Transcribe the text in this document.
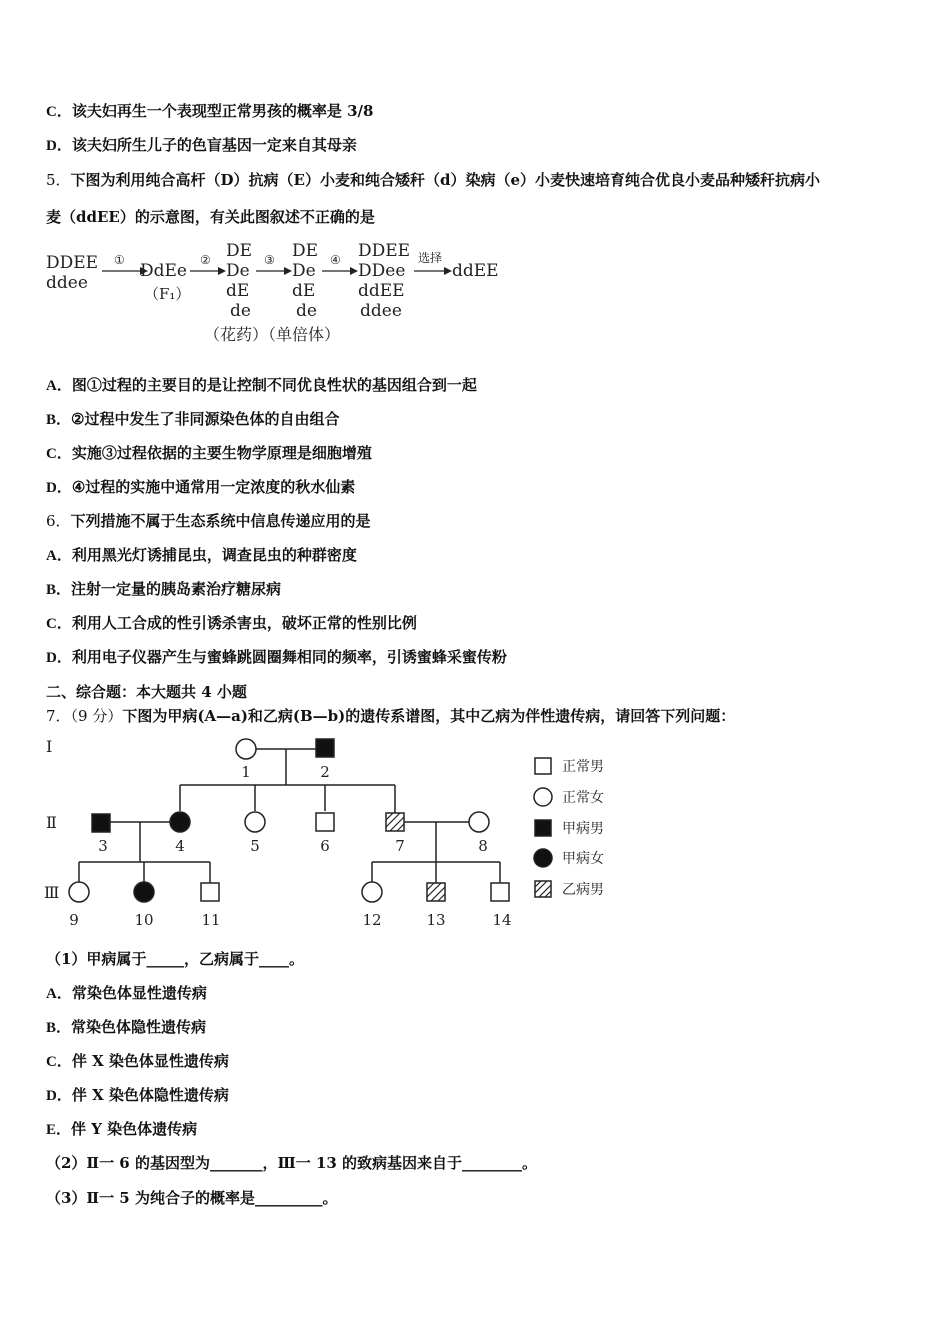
C．该夫妇再生一个表现型正常男孩的概率是 3/8
D．该夫妇所生儿子的色盲基因一定来自其母亲
5．下图为利用纯合高杆（D）抗病（E）小麦和纯合矮秆（d）染病（e）小麦快速培育纯合优良小麦品种矮秆抗病小
麦（ddEE）的示意图，有关此图叙述不正确的是
DDEE
ddee
①
DdEe
（F₁）
② DE
De
dE
de
③ DE
De
dE
de
④ DDEE
DDee
ddEE
ddee
选择
ddEE
（花药）（单倍体）
A．图①过程的主要目的是让控制不同优良性状的基因组合到一起
B．②过程中发生了非同源染色体的自由组合
C．实施③过程依据的主要生物学原理是细胞增殖
D．④过程的实施中通常用一定浓度的秋水仙素
6．下列措施不属于生态系统中信息传递应用的是
A．利用黑光灯诱捕昆虫，调查昆虫的种群密度
B．注射一定量的胰岛素治疗糖尿病
C．利用人工合成的性引诱杀害虫，破坏正常的性别比例
D．利用电子仪器产生与蜜蜂跳圆圈舞相同的频率，引诱蜜蜂采蜜传粉
二、综合题：本大题共 4 小题
7．（9 分）下图为甲病(A—a)和乙病(B—b)的遗传系谱图，其中乙病为伴性遗传病，请回答下列问题：
Ⅰ
Ⅱ
Ⅲ
1	2
3	4	5	6	7	8
9	10	11	12	13	14
正常男
正常女
甲病男
甲病女
乙病男
（1）甲病属于_____，乙病属于____。
A．常染色体显性遗传病
B．常染色体隐性遗传病
C．伴 X 染色体显性遗传病
D．伴 X 染色体隐性遗传病
E．伴 Y 染色体遗传病
（2）Ⅱ一 6 的基因型为_______，Ⅲ一 13 的致病基因来自于________。
（3）Ⅱ一 5 为纯合子的概率是_________。
